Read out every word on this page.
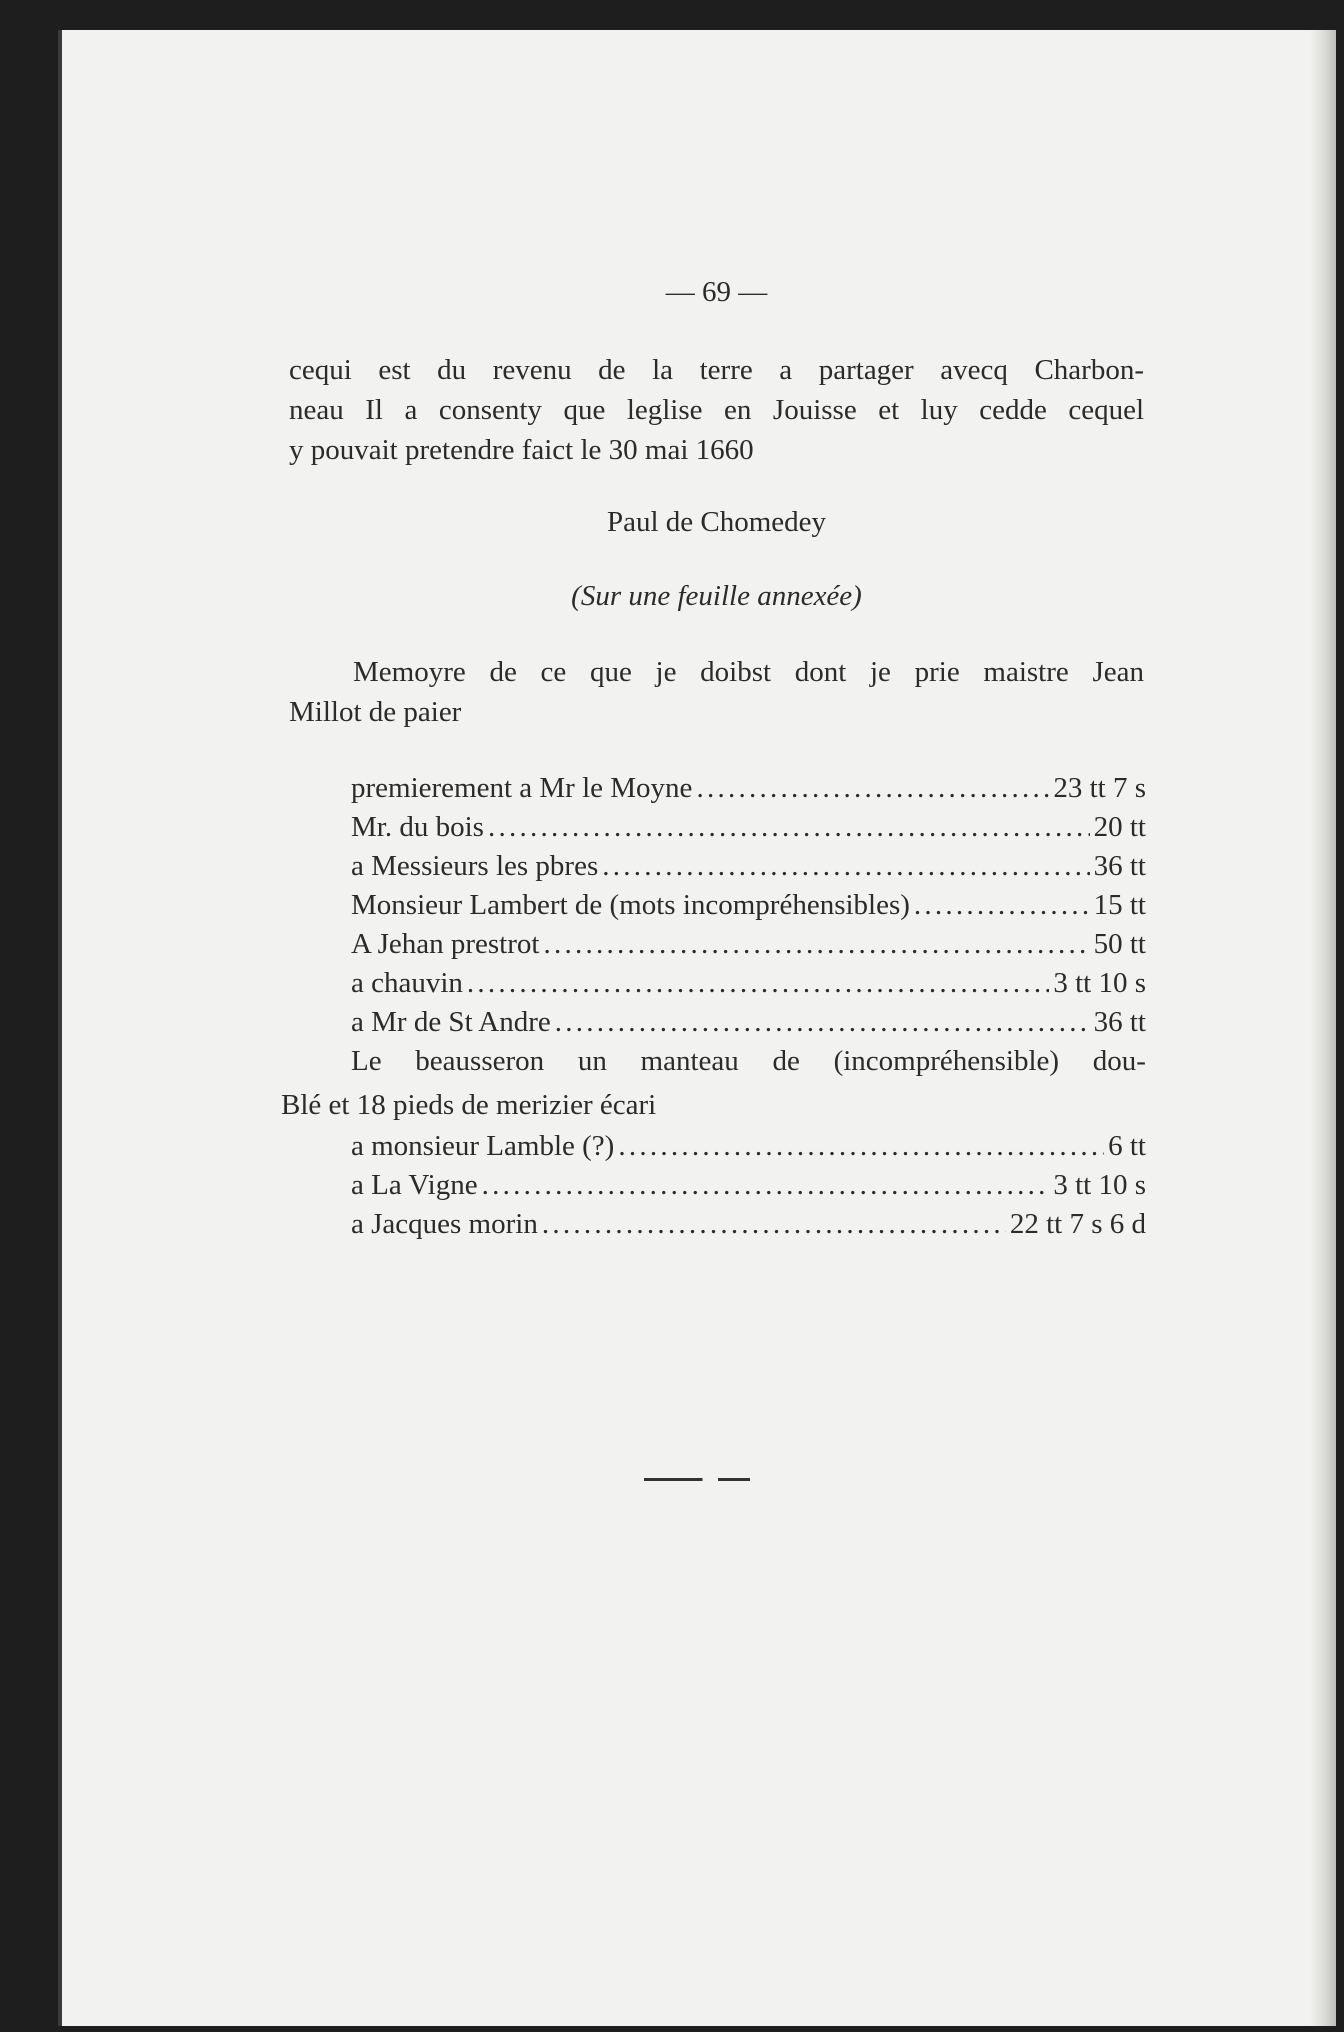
— 69 —
cequi est du revenu de la terre a partager avecq Charbon-
neau Il a consenty que leglise en Jouisse et luy cedde cequel
y pouvait pretendre faict le 30 mai 1660
Paul de Chomedey
(Sur une feuille annexée)
Memoyre de ce que je doibst dont je prie maistre Jean
Millot de paier
premierement a Mr le Moyne . . .	23 tt 7 s
Mr. du bois . . .	20 tt
a Messieurs les pbres . . .	36 tt
Monsieur Lambert de (mots incompréhensibles) . . .	15 tt
A Jehan prestrot . . .	50 tt
a chauvin . . .	3 tt 10 s
a Mr de St Andre . . .	36 tt
Le beausseron un manteau de (incompréhensible) dou-
Blé et 18 pieds de merizier écari
a monsieur Lamble (?) . . .	6 tt
a La Vigne . . .	3 tt 10 s
a Jacques morin . . .	22 tt 7 s 6 d
